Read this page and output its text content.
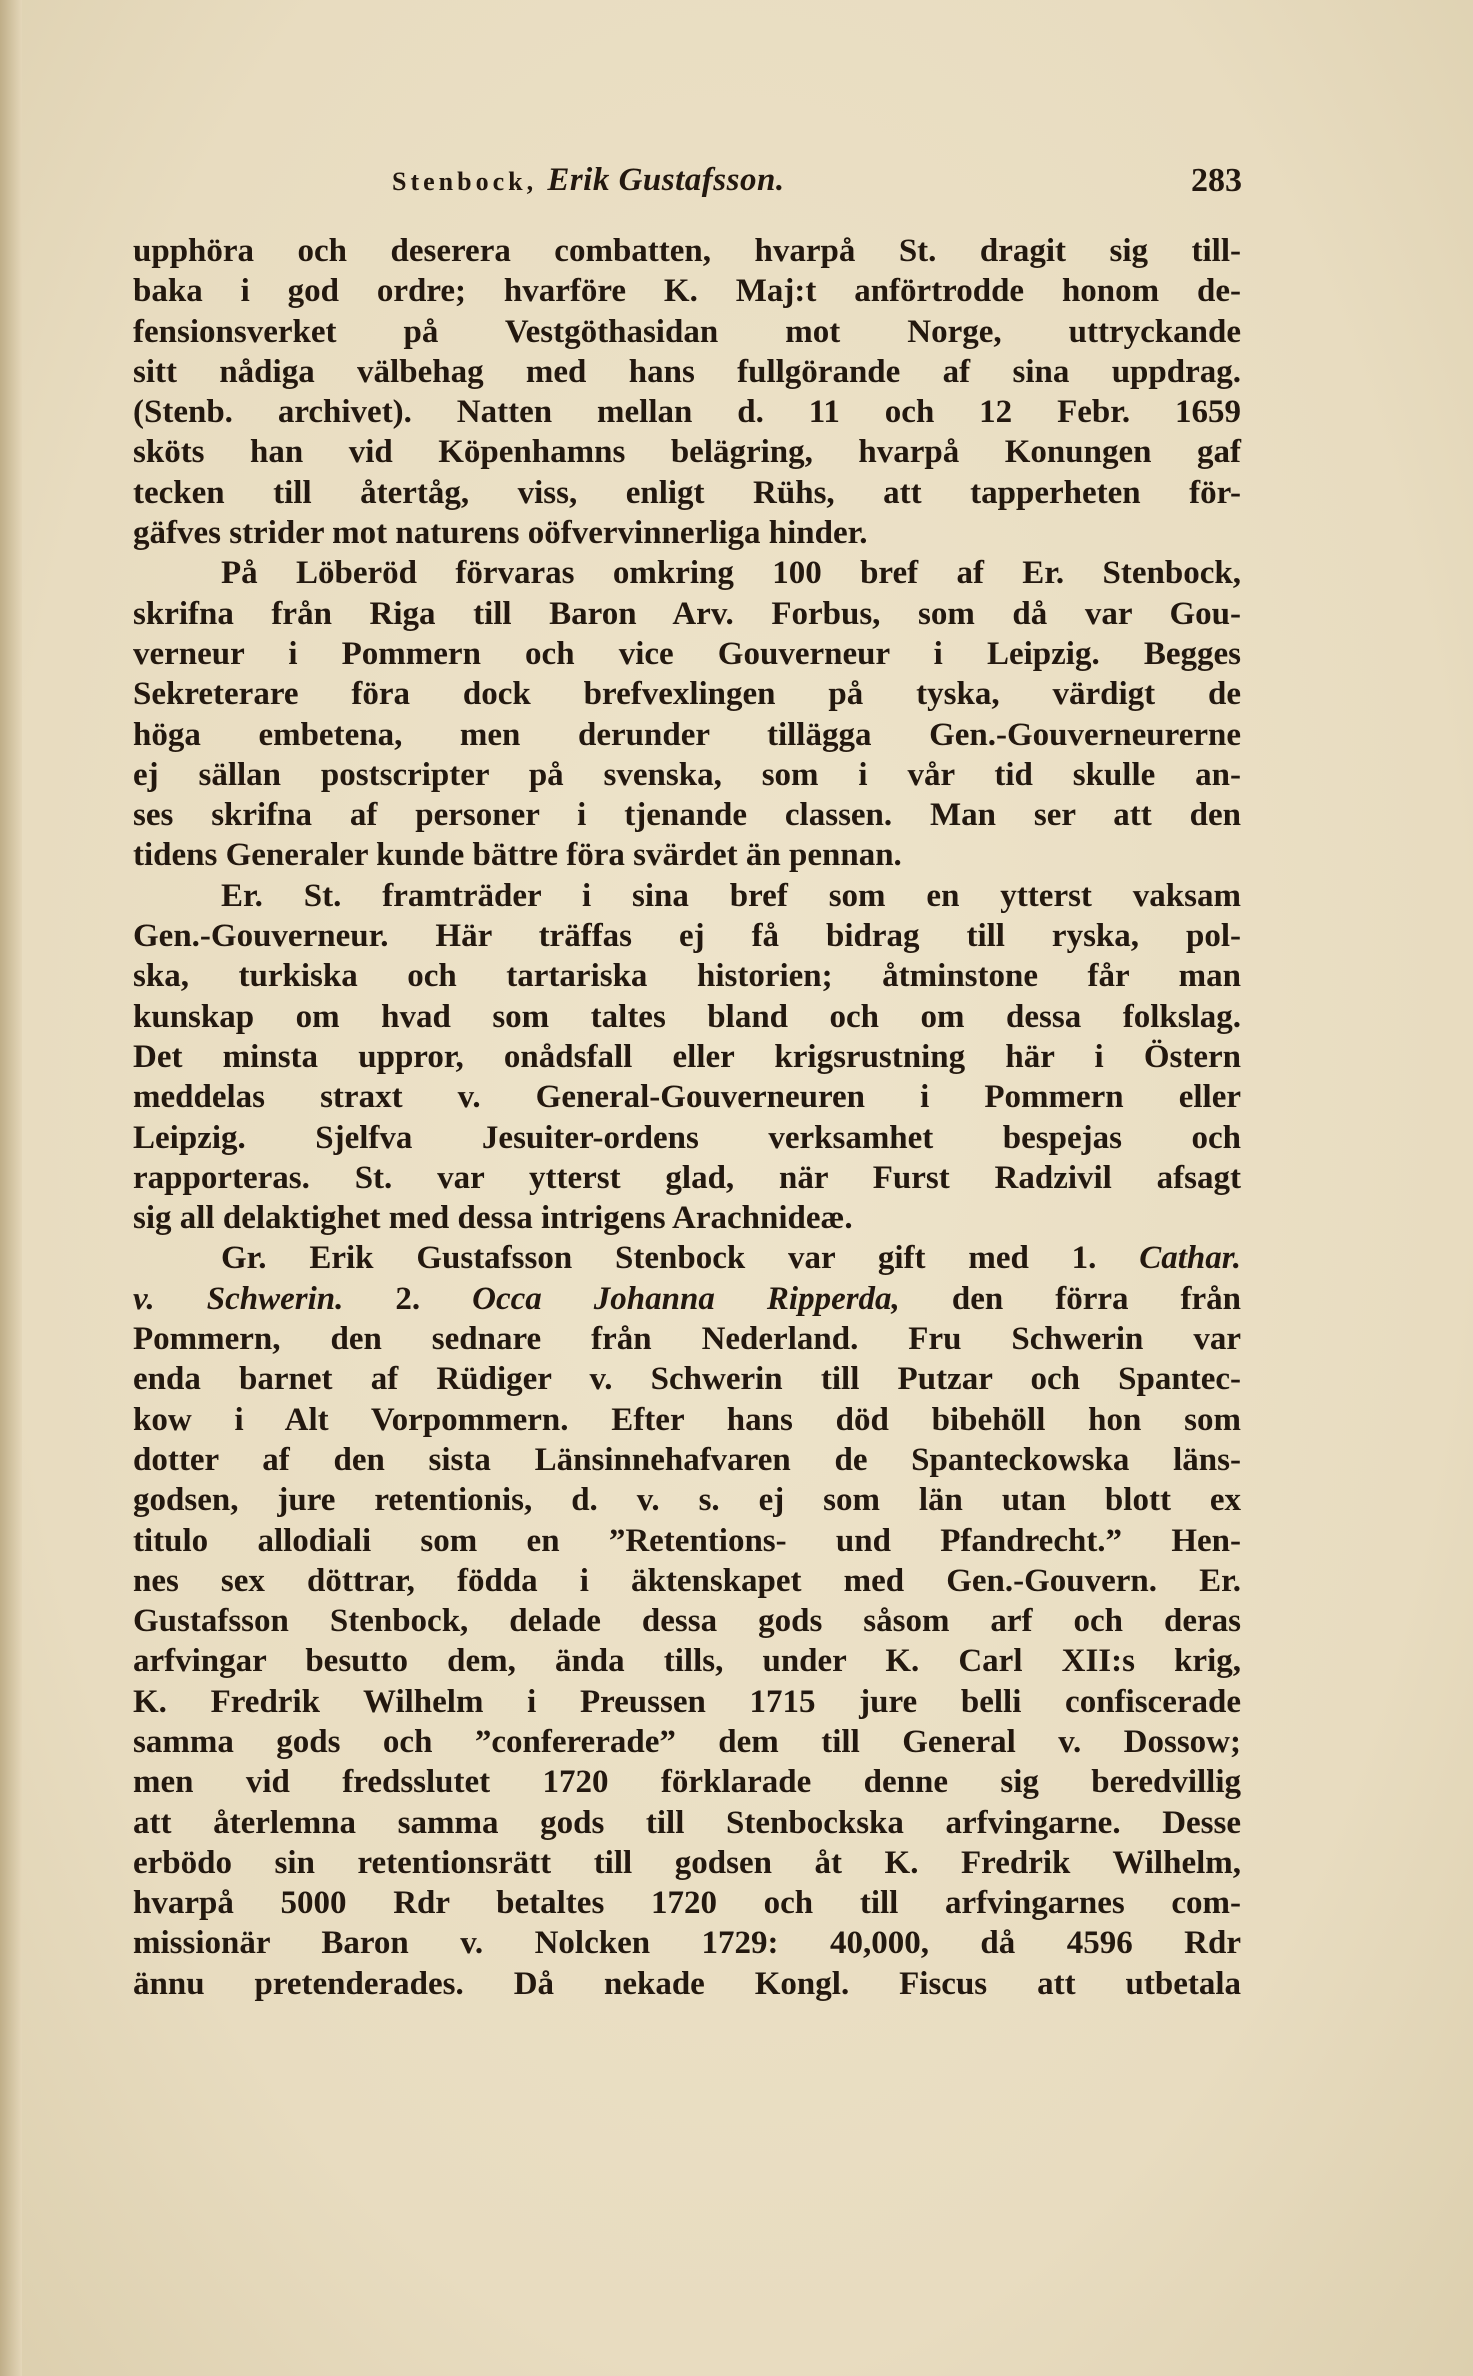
Stenbock, Erik Gustafsson.	283
upphöra och deserera combatten, hvarpå St. dragit sig till-
baka i god ordre; hvarföre K. Maj:t anförtrodde honom de-
fensionsverket på Vestgöthasidan mot Norge, uttryckande
sitt nådiga välbehag med hans fullgörande af sina uppdrag.
(Stenb. archivet). Natten mellan d. 11 och 12 Febr. 1659
sköts han vid Köpenhamns belägring, hvarpå Konungen gaf
tecken till återtåg, viss, enligt Rühs, att tapperheten för-
gäfves strider mot naturens oöfvervinnerliga hinder.
På Löberöd förvaras omkring 100 bref af Er. Stenbock,
skrifna från Riga till Baron Arv. Forbus, som då var Gou-
verneur i Pommern och vice Gouverneur i Leipzig. Begges
Sekreterare föra dock brefvexlingen på tyska, värdigt de
höga embetena, men derunder tillägga Gen.-Gouverneurerne
ej sällan postscripter på svenska, som i vår tid skulle an-
ses skrifna af personer i tjenande classen. Man ser att den
tidens Generaler kunde bättre föra svärdet än pennan.
Er. St. framträder i sina bref som en ytterst vaksam
Gen.-Gouverneur. Här träffas ej få bidrag till ryska, pol-
ska, turkiska och tartariska historien; åtminstone får man
kunskap om hvad som taltes bland och om dessa folkslag.
Det minsta uppror, onådsfall eller krigsrustning här i Östern
meddelas straxt v. General-Gouverneuren i Pommern eller
Leipzig. Sjelfva Jesuiter-ordens verksamhet bespejas och
rapporteras. St. var ytterst glad, när Furst Radzivil afsagt
sig all delaktighet med dessa intrigens Arachnideæ.
Gr. Erik Gustafsson Stenbock var gift med 1. Cathar.
v. Schwerin. 2. Occa Johanna Ripperda, den förra från
Pommern, den sednare från Nederland. Fru Schwerin var
enda barnet af Rüdiger v. Schwerin till Putzar och Spantec-
kow i Alt Vorpommern. Efter hans död bibehöll hon som
dotter af den sista Länsinnehafvaren de Spanteckowska läns-
godsen, jure retentionis, d. v. s. ej som län utan blott ex
titulo allodiali som en ”Retentions- und Pfandrecht.” Hen-
nes sex döttrar, födda i äktenskapet med Gen.-Gouvern. Er.
Gustafsson Stenbock, delade dessa gods såsom arf och deras
arfvingar besutto dem, ända tills, under K. Carl XII:s krig,
K. Fredrik Wilhelm i Preussen 1715 jure belli confiscerade
samma gods och ”confererade” dem till General v. Dossow;
men vid fredsslutet 1720 förklarade denne sig beredvillig
att återlemna samma gods till Stenbockska arfvingarne. Desse
erbödo sin retentionsrätt till godsen åt K. Fredrik Wilhelm,
hvarpå 5000 Rdr betaltes 1720 och till arfvingarnes com-
missionär Baron v. Nolcken 1729: 40,000, då 4596 Rdr
ännu pretenderades. Då nekade Kongl. Fiscus att utbetala
